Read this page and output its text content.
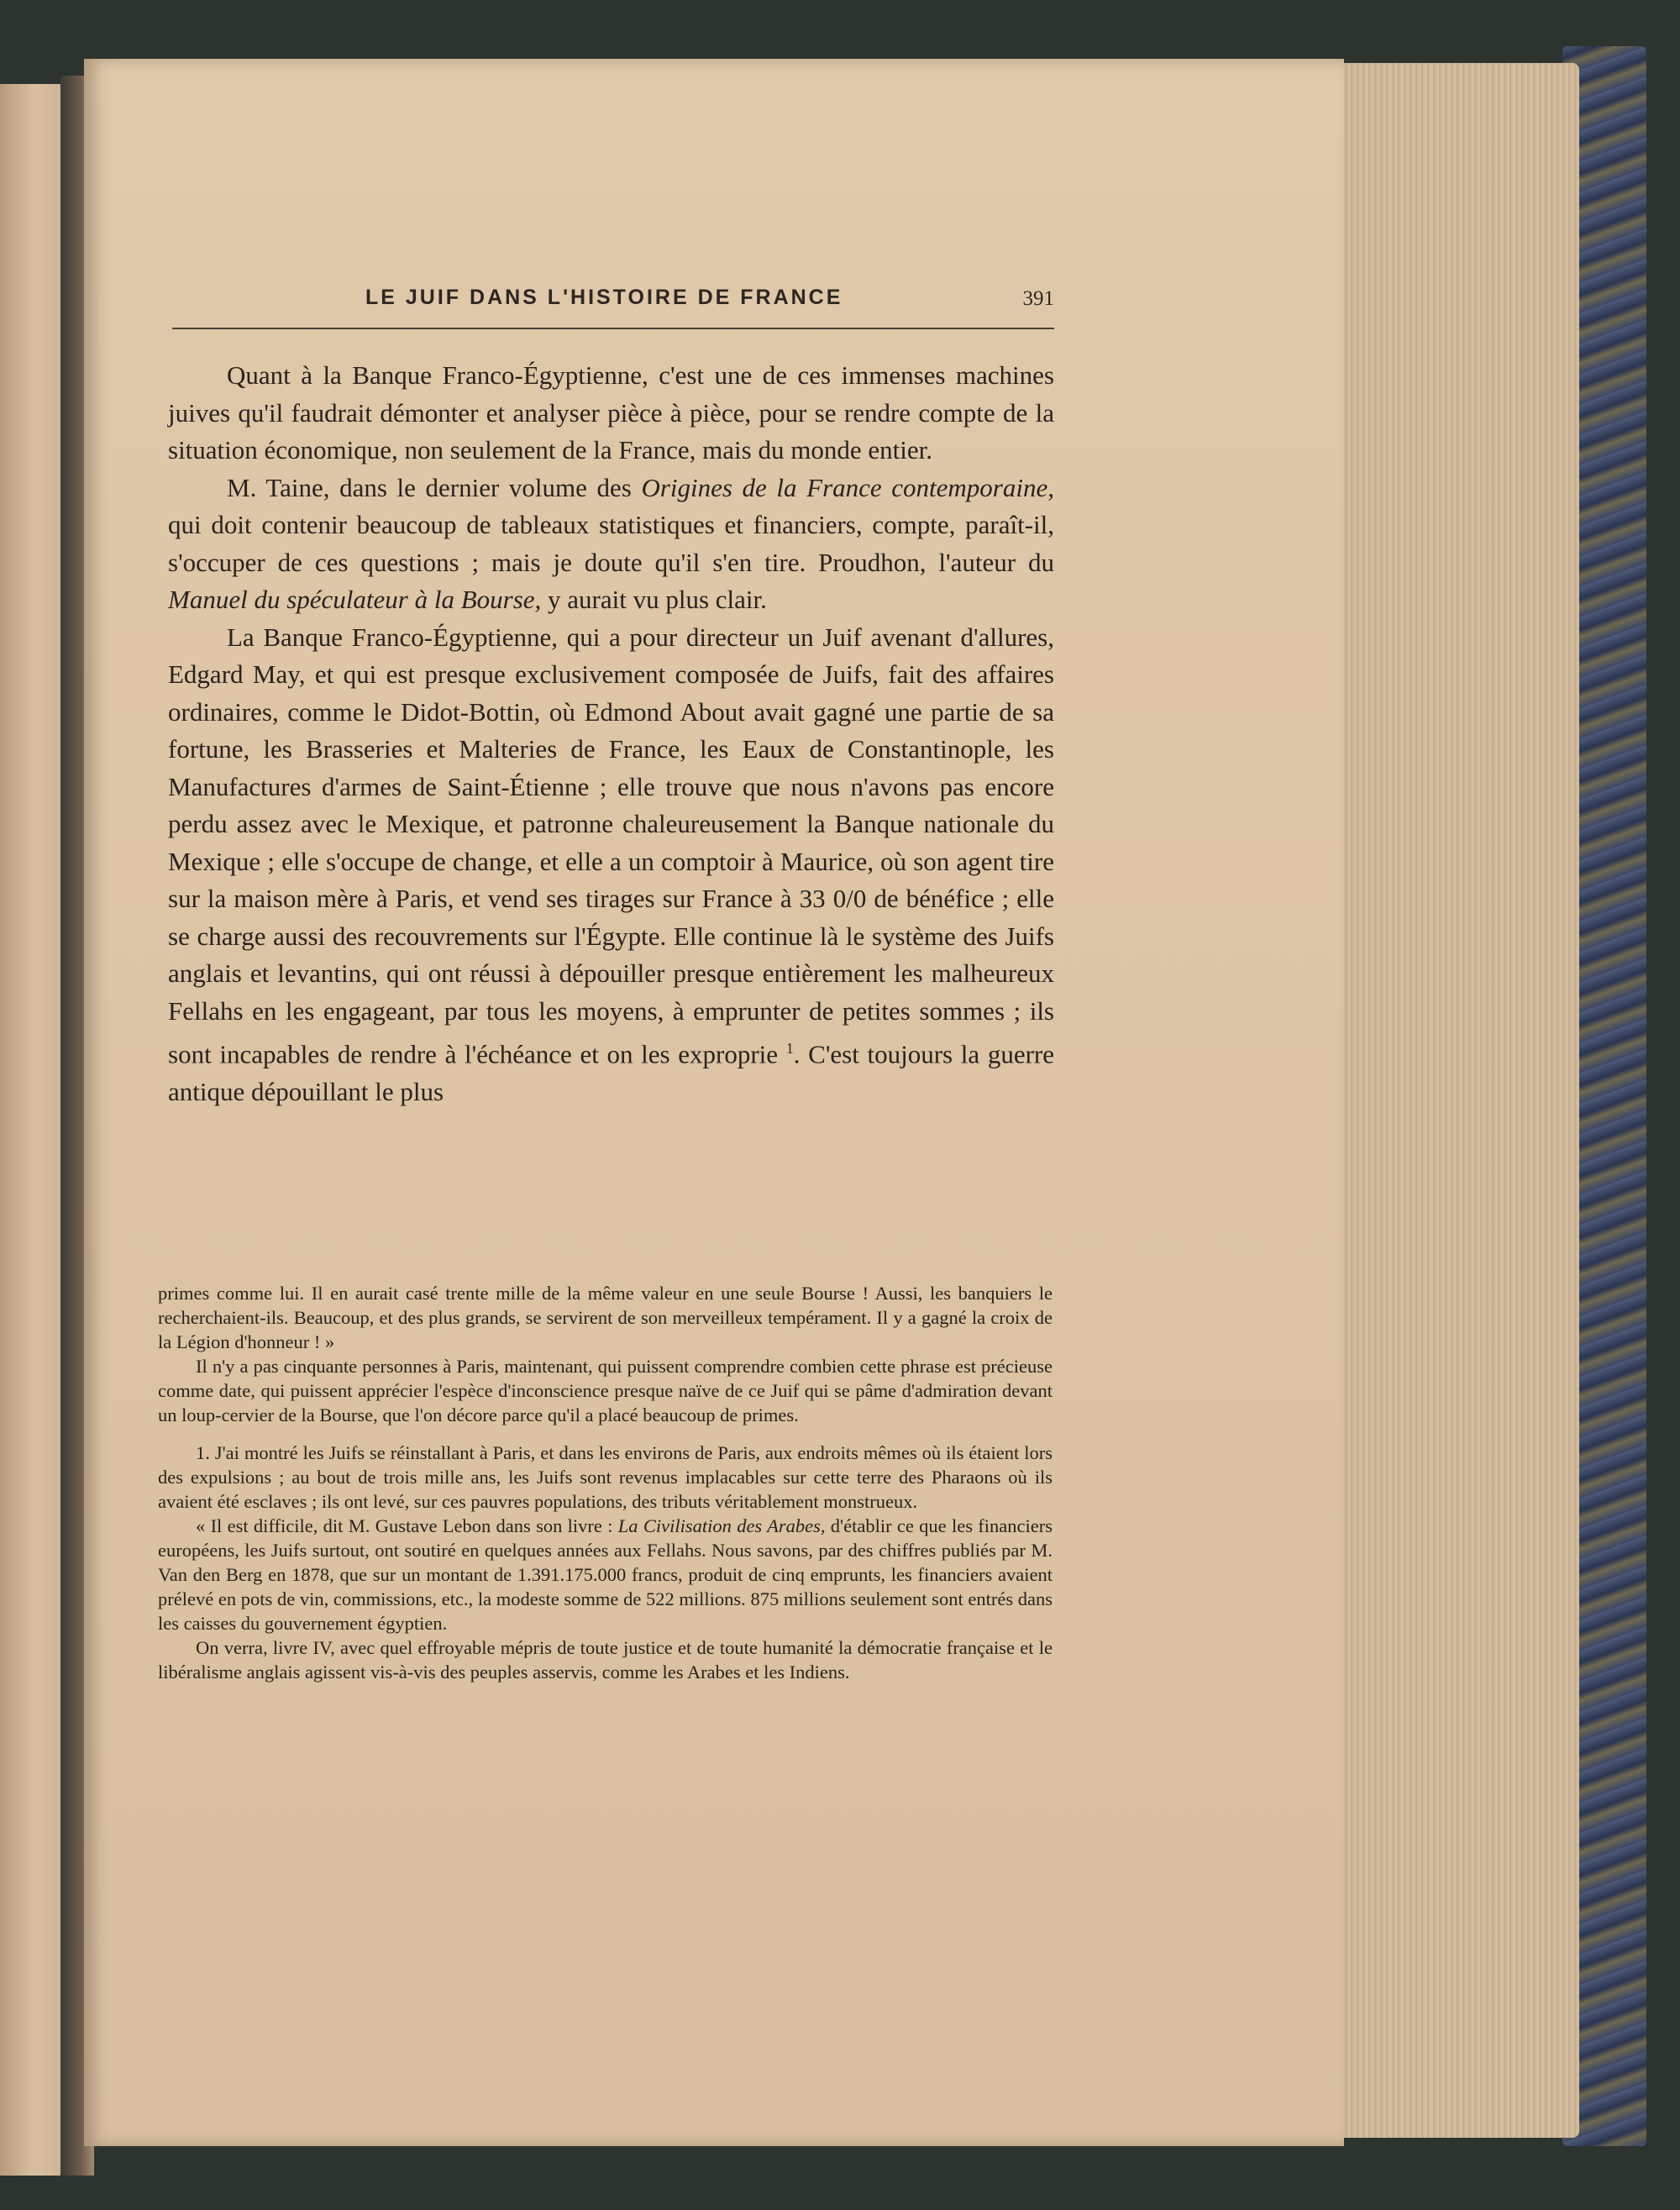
LE JUIF DANS L'HISTOIRE DE FRANCE	391

Quant à la Banque Franco-Égyptienne, c'est une de ces immenses machines juives qu'il faudrait démonter et analyser pièce à pièce, pour se rendre compte de la situation économique, non seulement de la France, mais du monde entier.

M. Taine, dans le dernier volume des Origines de la France contemporaine, qui doit contenir beaucoup de tableaux statistiques et financiers, compte, paraît-il, s'occuper de ces questions ; mais je doute qu'il s'en tire. Proudhon, l'auteur du Manuel du spéculateur à la Bourse, y aurait vu plus clair.

La Banque Franco-Égyptienne, qui a pour directeur un Juif avenant d'allures, Edgard May, et qui est presque exclusivement composée de Juifs, fait des affaires ordinaires, comme le Didot-Bottin, où Edmond About avait gagné une partie de sa fortune, les Brasseries et Malteries de France, les Eaux de Constantinople, les Manufactures d'armes de Saint-Étienne ; elle trouve que nous n'avons pas encore perdu assez avec le Mexique, et patronne chaleureusement la Banque nationale du Mexique ; elle s'occupe de change, et elle a un comptoir à Maurice, où son agent tire sur la maison mère à Paris, et vend ses tirages sur France à 33 0/0 de bénéfice ; elle se charge aussi des recouvrements sur l'Égypte. Elle continue là le système des Juifs anglais et levantins, qui ont réussi à dépouiller presque entièrement les malheureux Fellahs en les engageant, par tous les moyens, à emprunter de petites sommes ; ils sont incapables de rendre à l'échéance et on les exproprie $^1$. C'est toujours la guerre antique dépouillant le plus

primes comme lui. Il en aurait casé trente mille de la même valeur en une seule Bourse ! Aussi, les banquiers le recherchaient-ils. Beaucoup, et des plus grands, se servirent de son merveilleux tempérament. Il y a gagné la croix de la Légion d'honneur ! »

Il n'y a pas cinquante personnes à Paris, maintenant, qui puissent comprendre combien cette phrase est précieuse comme date, qui puissent apprécier l'espèce d'inconscience presque naïve de ce Juif qui se pâme d'admiration devant un loup-cervier de la Bourse, que l'on décore parce qu'il a placé beaucoup de primes.

1. J'ai montré les Juifs se réinstallant à Paris, et dans les environs de Paris, aux endroits mêmes où ils étaient lors des expulsions ; au bout de trois mille ans, les Juifs sont revenus implacables sur cette terre des Pharaons où ils avaient été esclaves ; ils ont levé, sur ces pauvres populations, des tributs véritablement monstrueux.

« Il est difficile, dit M. Gustave Lebon dans son livre : La Civilisation des Arabes, d'établir ce que les financiers européens, les Juifs surtout, ont soutiré en quelques années aux Fellahs. Nous savons, par des chiffres publiés par M. Van den Berg en 1878, que sur un montant de 1.391.175.000 francs, produit de cinq emprunts, les financiers avaient prélevé en pots de vin, commissions, etc., la modeste somme de 522 millions. 875 millions seulement sont entrés dans les caisses du gouvernement égyptien.

On verra, livre IV, avec quel effroyable mépris de toute justice et de toute humanité la démocratie française et le libéralisme anglais agissent vis-à-vis des peuples asservis, comme les Arabes et les Indiens.
